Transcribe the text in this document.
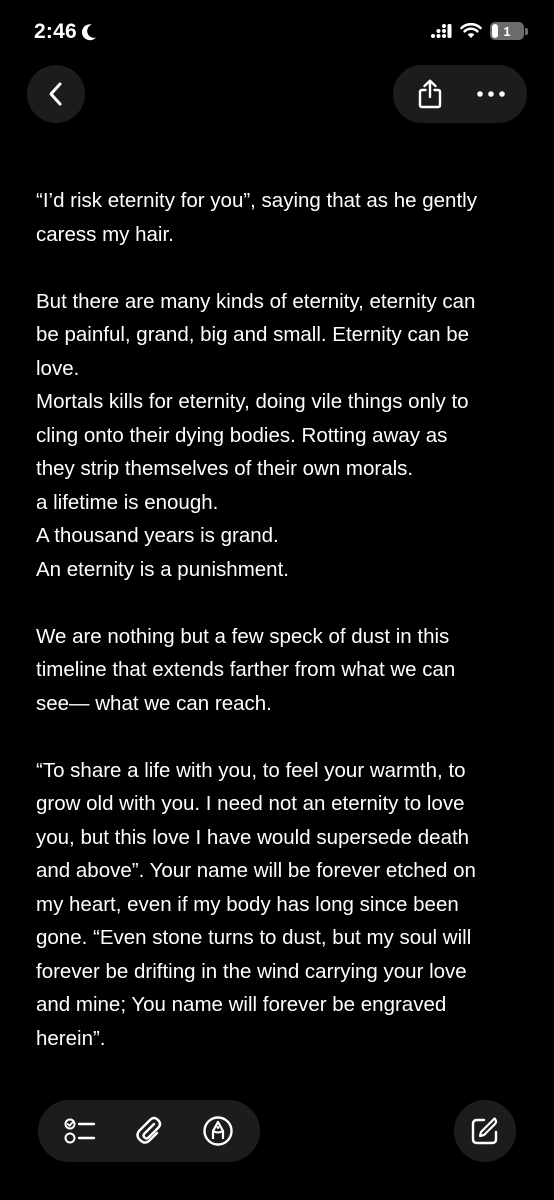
2:46	1
“I’d risk eternity for you”, saying that as he gently
caress my hair.
But there are many kinds of eternity, eternity can
be painful, grand, big and small. Eternity can be
love.
Mortals kills for eternity, doing vile things only to
cling onto their dying bodies. Rotting away as
they strip themselves of their own morals.
a lifetime is enough.
A thousand years is grand.
An eternity is a punishment.
We are nothing but a few speck of dust in this
timeline that extends farther from what we can
see— what we can reach.
“To share a life with you, to feel your warmth, to
grow old with you. I need not an eternity to love
you, but this love I have would supersede death
and above”. Your name will be forever etched on
my heart, even if my body has long since been
gone. “Even stone turns to dust, but my soul will
forever be drifting in the wind carrying your love
and mine; You name will forever be engraved
herein”.
